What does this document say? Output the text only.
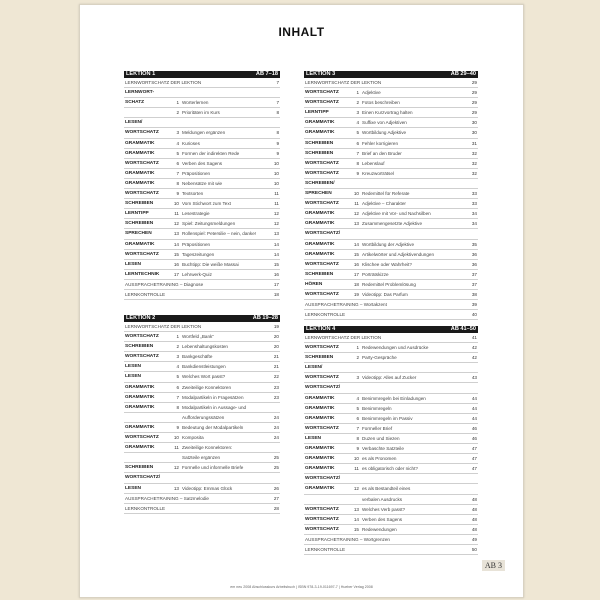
INHALT
LEKTION 1	AB 7–18
LERNWORTSCHATZ DER LEKTION	7
LERNWORT-
SCHATZ	1 Worterlernen	7
2 Prioritäten im Kurs	8
LESEN/
WORTSCHATZ	3 Meldungen ergänzen	8
GRAMMATIK	4 Kurioses	9
GRAMMATIK	5 Formen der indirekten Rede	9
WORTSCHATZ	6 Verben des Sagens	10
GRAMMATIK	7 Präpositionen	10
GRAMMATIK	8 Nebensätze mit wie	10
WORTSCHATZ	9 Textsorten	11
SCHREIBEN	10 Vom Stichwort zum Text	11
LERNTIPP	11 Lesestrategie	12
SCHREIBEN	12 Spiel: Zeitungsmeldungen	12
SPRECHEN	13 Rollenspiel: Petersilie – nein, danke!	13
GRAMMATIK	14 Präpositionen	14
WORTSCHATZ	15 Tageszeitungen	14
LESEN	16 Buchtipp: Die weiße Massai	15
LERNTECHNIK	17 Lehrwerk-Quiz	16
AUSSPRACHETRAINING – Diagnose	17
LERNKONTROLLE	18
LEKTION 3	AB 29–40
LERNWORTSCHATZ DER LEKTION	29
WORTSCHATZ	1 Adjektive	29
WORTSCHATZ	2 Fotos beschreiben	29
LERNTIPP	3 Einen Kurzvortrag halten	29
GRAMMATIK	4 Suffixe von Adjektiven	30
GRAMMATIK	5 Wortbildung Adjektive	30
SCHREIBEN	6 Fehler korrigieren	31
SCHREIBEN	7 Brief an den Bruder	32
WORTSCHATZ	8 Lebenslauf	32
WORTSCHATZ	9 Kreuzworträtsel	32
SCHREIBEN/
SPRECHEN	10 Redemittel für Referate	33
WORTSCHATZ	11 Adjektive – Charakter	33
GRAMMATIK	12 Adjektive mit Vor- und Nachsilben	34
GRAMMATIK	13 Zusammengesetzte Adjektive	34
WORTSCHATZ/
GRAMMATIK	14 Wortbildung der Adjektive	35
GRAMMATIK	15 Artikelwörter und Adjektivendungen	36
WORTSCHATZ	16 Klischee oder Wahrheit?	36
SCHREIBEN	17 Porträtskizze	37
HÖREN	18 Redemittel Problemlösung	37
WORTSCHATZ	19 Videotipp: Das Parfum	38
AUSSPRACHETRAINING – Wortakzent	39
LERNKONTROLLE	40
LEKTION 2	AB 19–28
LERNWORTSCHATZ DER LEKTION	19
WORTSCHATZ	1 Wortfeld „Bank“	20
SCHREIBEN	2 Lebenshaltungskosten	20
WORTSCHATZ	3 Bankgeschäfte	21
LESEN	4 Bankdienstleistungen	21
LESEN	5 Welches Wort passt?	22
GRAMMATIK	6 Zweiteilige Konnektoren	23
GRAMMATIK	7 Modalpartikeln in Fragesätzen	23
GRAMMATIK	8 Modalpartikeln in Aussage- und
Aufforderungssätzen	24
GRAMMATIK	9 Bedeutung der Modalpartikeln	24
WORTSCHATZ	10 Komposita	24
GRAMMATIK	11 Zweiteilige Konnektoren:
Satzteile ergänzen	25
SCHREIBEN	12 Formelle und informelle Briefe	25
WORTSCHATZ/
LESEN	13 Videotipp: Emmas Glück	26
AUSSPRACHETRAINING – Satzmelodie	27
LERNKONTROLLE	28
LEKTION 4	AB 41–50
LERNWORTSCHATZ DER LEKTION	41
WORTSCHATZ	1 Redewendungen und Ausdrücke	42
SCHREIBEN	2 Party-Gespräche	42
LESEN/
WORTSCHATZ	3 Videotipp: Alles auf Zucker	43
WORTSCHATZ/
GRAMMATIK	4 Benimmregeln bei Einladungen	44
GRAMMATIK	5 Benimmregeln	44
GRAMMATIK	6 Benimmregeln im Passiv	44
WORTSCHATZ	7 Formeller Brief	46
LESEN	8 Duzen und Siezen	46
GRAMMATIK	9 Verbaschte Satzteile	47
GRAMMATIK	10 es als Pronomen	47
GRAMMATIK	11 es obligatorisch oder nicht?	47
WORTSCHATZ/
GRAMMATIK	12 es als Bestandteil eines
verbalen Ausdrucks	48
WORTSCHATZ	13 Welches Verb passt?	48
WORTSCHATZ	14 Verben des Sagens	48
WORTSCHATZ	15 Redewendungen	48
AUSSPRACHETRAINING – Wortgrenzen	49
LERNKONTROLLE	50
AB 3
em neu 2008 Abschlusskurs Arbeitsbuch | ISBN 978-3-19-011697-7 | Hueber Verlag 2008
